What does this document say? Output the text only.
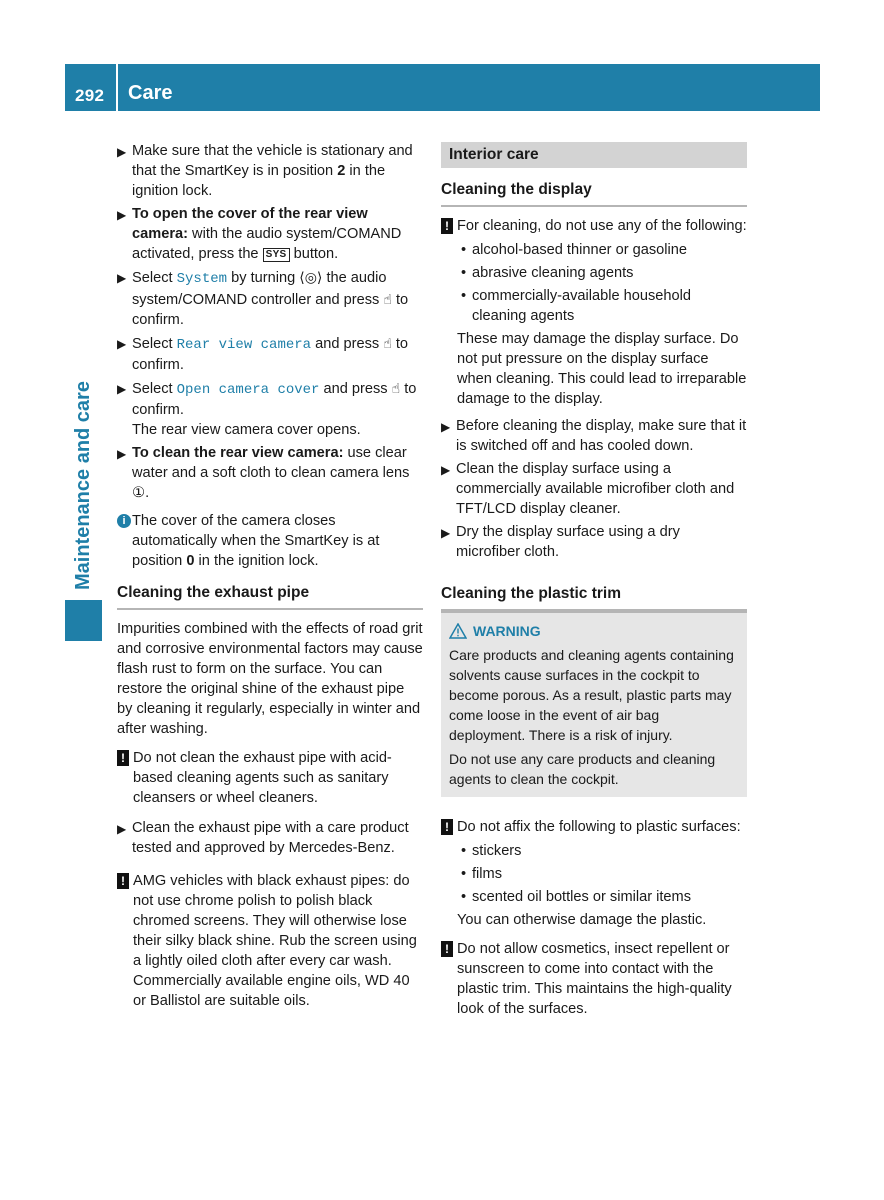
292 Care
Maintenance and care

▶ Make sure that the vehicle is stationary and that the SmartKey is in position 2 in the ignition lock.

▶ To open the cover of the rear view camera: with the audio system/COMAND activated, press the SYS button.

▶ Select System by turning ⟨◎⟩ the audio system/COMAND controller and press ☝ to confirm.

▶ Select Rear view camera and press ☝ to confirm.

▶ Select Open camera cover and press ☝ to confirm.

The rear view camera cover opens.

▶ To clean the rear view camera: use clear water and a soft cloth to clean camera lens ①.

i The cover of the camera closes automatically when the SmartKey is at position 0 in the ignition lock.

Cleaning the exhaust pipe

Impurities combined with the effects of road grit and corrosive environmental factors may cause flash rust to form on the surface. You can restore the original shine of the exhaust pipe by cleaning it regularly, especially in winter and after washing.

! Do not clean the exhaust pipe with acid-based cleaning agents such as sanitary cleansers or wheel cleaners.

▶ Clean the exhaust pipe with a care product tested and approved by Mercedes-Benz.

! AMG vehicles with black exhaust pipes: do not use chrome polish to polish black chromed screens. They will otherwise lose their silky black shine. Rub the screen using a lightly oiled cloth after every car wash. Commercially available engine oils, WD 40 or Ballistol are suitable oils.

Interior care
Cleaning the display

! For cleaning, do not use any of the following:

• alcohol-based thinner or gasoline

• abrasive cleaning agents

• commercially-available household cleaning agents

These may damage the display surface. Do not put pressure on the display surface when cleaning. This could lead to irreparable damage to the display.

▶ Before cleaning the display, make sure that it is switched off and has cooled down.

▶ Clean the display surface using a commercially available microfiber cloth and TFT/LCD display cleaner.

▶ Dry the display surface using a dry microfiber cloth.

Cleaning the plastic trim
WARNING

Care products and cleaning agents containing solvents cause surfaces in the cockpit to become porous. As a result, plastic parts may come loose in the event of air bag deployment. There is a risk of injury.

Do not use any care products and cleaning agents to clean the cockpit.

! Do not affix the following to plastic surfaces:

• stickers

• films

• scented oil bottles or similar items

You can otherwise damage the plastic.

! Do not allow cosmetics, insect repellent or sunscreen to come into contact with the plastic trim. This maintains the high-quality look of the surfaces.
